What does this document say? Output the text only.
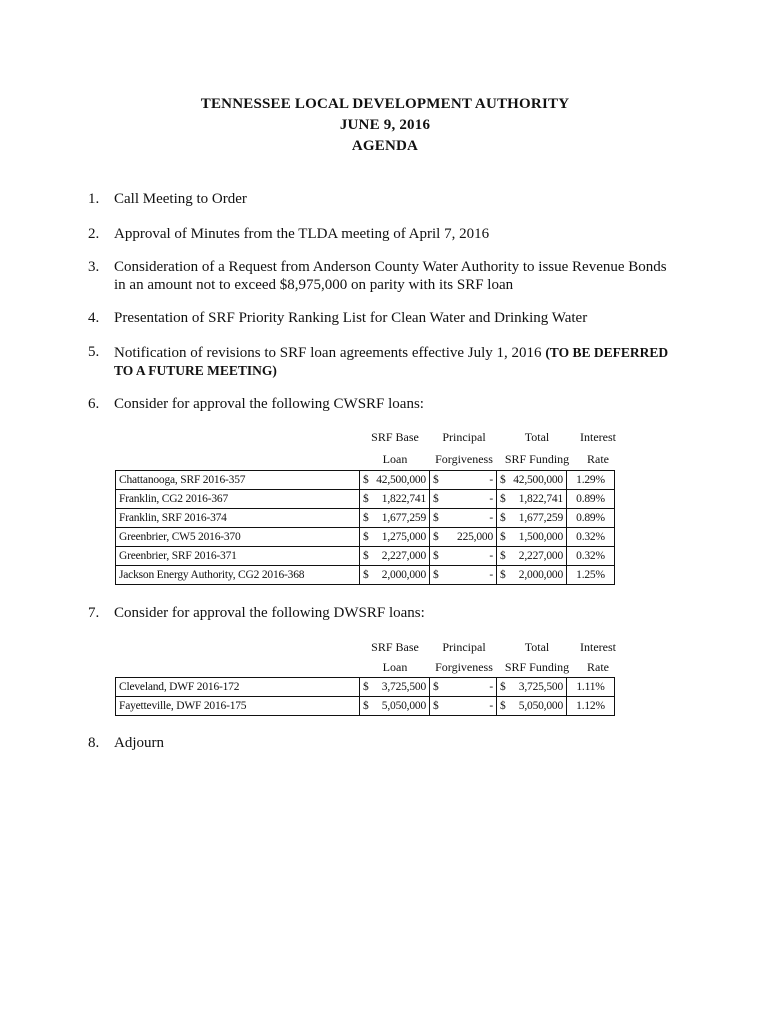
TENNESSEE LOCAL DEVELOPMENT AUTHORITY
JUNE 9, 2016
AGENDA
1. Call Meeting to Order
2. Approval of Minutes from the TLDA meeting of April 7, 2016
3. Consideration of a Request from Anderson County Water Authority to issue Revenue Bonds
in an amount not to exceed $8,975,000 on parity with its SRF loan
4. Presentation of SRF Priority Ranking List for Clean Water and Drinking Water
5. Notification of revisions to SRF loan agreements effective July 1, 2016 (TO BE DEFERRED
TO A FUTURE MEETING)
6. Consider for approval the following CWSRF loans:
SRF Base
Loan
Principal
Forgiveness
Total
SRF Funding
Interest
Rate
Chattanooga, SRF 2016-357	$ 42,500,000	$ -	$ 42,500,000	1.29%
Franklin, CG2 2016-367	$ 1,822,741	$ -	$ 1,822,741	0.89%
Franklin, SRF 2016-374	$ 1,677,259	$ -	$ 1,677,259	0.89%
Greenbrier, CW5 2016-370	$ 1,275,000	$ 225,000	$ 1,500,000	0.32%
Greenbrier, SRF 2016-371	$ 2,227,000	$ -	$ 2,227,000	0.32%
Jackson Energy Authority, CG2 2016-368	$ 2,000,000	$ -	$ 2,000,000	1.25%
7. Consider for approval the following DWSRF loans:
SRF Base
Loan
Principal
Forgiveness
Total
SRF Funding
Interest
Rate
Cleveland, DWF 2016-172	$ 3,725,500	$ -	$ 3,725,500	1.11%
Fayetteville, DWF 2016-175	$ 5,050,000	$ -	$ 5,050,000	1.12%
8. Adjourn
